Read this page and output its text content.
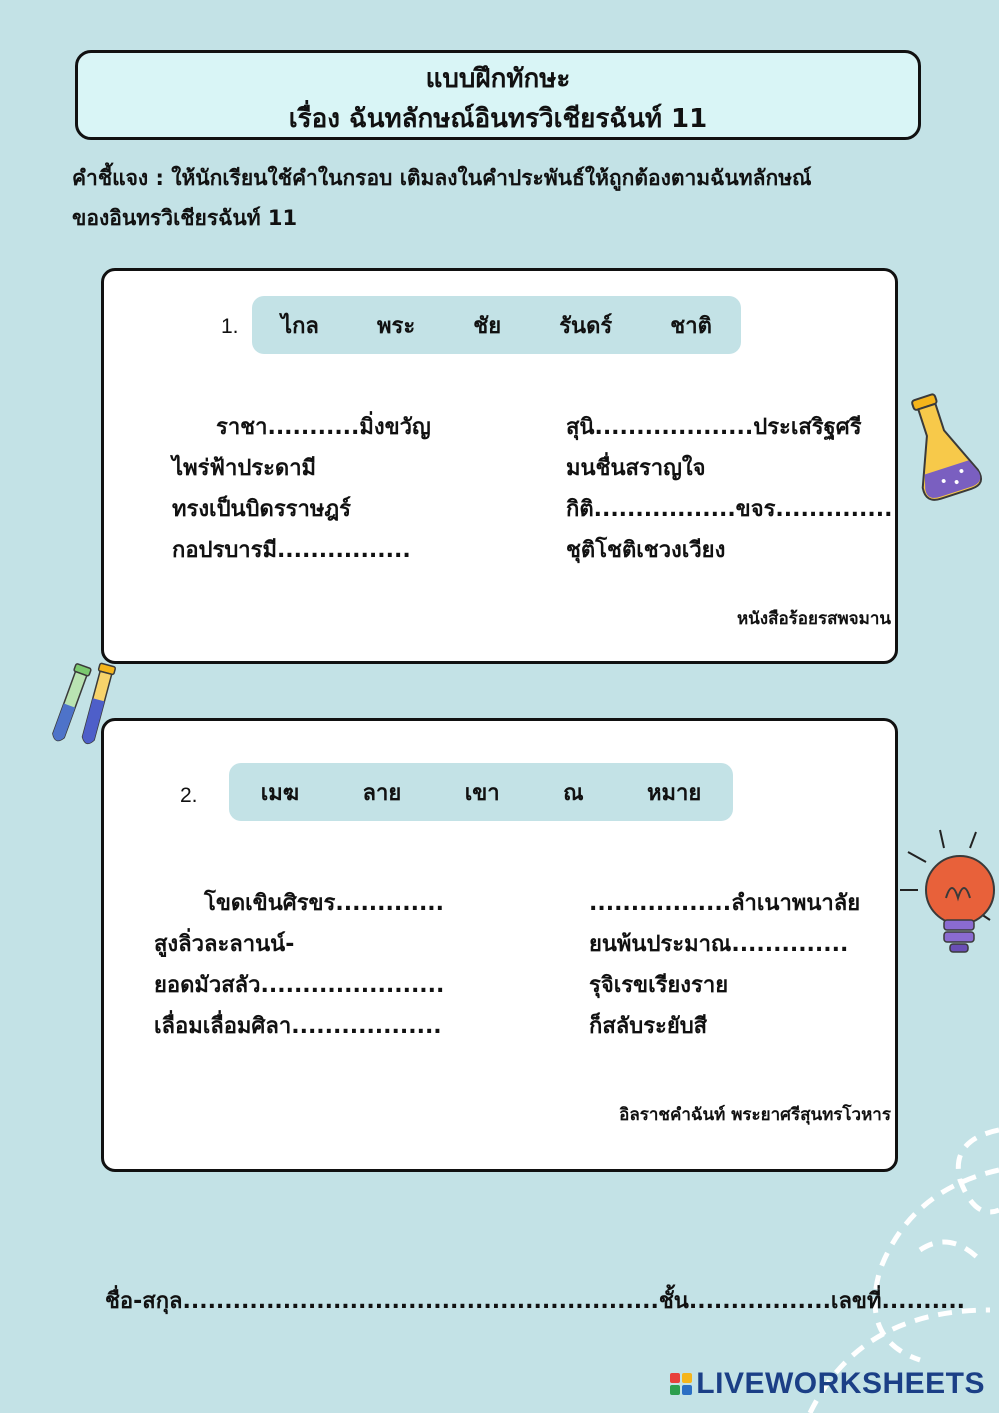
แบบฝึกทักษะ
เรื่อง ฉันทลักษณ์อินทรวิเชียรฉันท์ 11
คำชี้แจง : ให้นักเรียนใช้คำในกรอบ เติมลงในคำประพันธ์ให้ถูกต้องตามฉันทลักษณ์
ของอินทรวิเชียรฉันท์ 11
1. ไกล	พระ	ชัย	รันดร์	ชาติ
ราชา...........มิ่งขวัญ
ไพร่ฟ้าประดามี
ทรงเป็นบิดรราษฎร์
กอปรบารมี................
สุนิ...................ประเสริฐศรี
มนชื่นสราญใจ
กิติ.................ขจร..............
ชุติโชติเชวงเวียง
หนังสือร้อยรสพจมาน
2.	เมฆ	ลาย	เขา	ณ	หมาย
โขดเขินศิรขร.............
สูงลิ่วละลานน์-
ยอดมัวสลัว......................
เลื่อมเลื่อมศิลา..................
.................ลำเนาพนาลัย
ยนพ้นประมาณ..............
รุจิเรขเรียงราย
ก็สลับระยับสี
อิลราชคำฉันท์ พระยาศรีสุนทรโวหาร
ชื่อ-สกุล.........................................................ชั้น.................เลขที่..........
LIVEWORKSHEETS
